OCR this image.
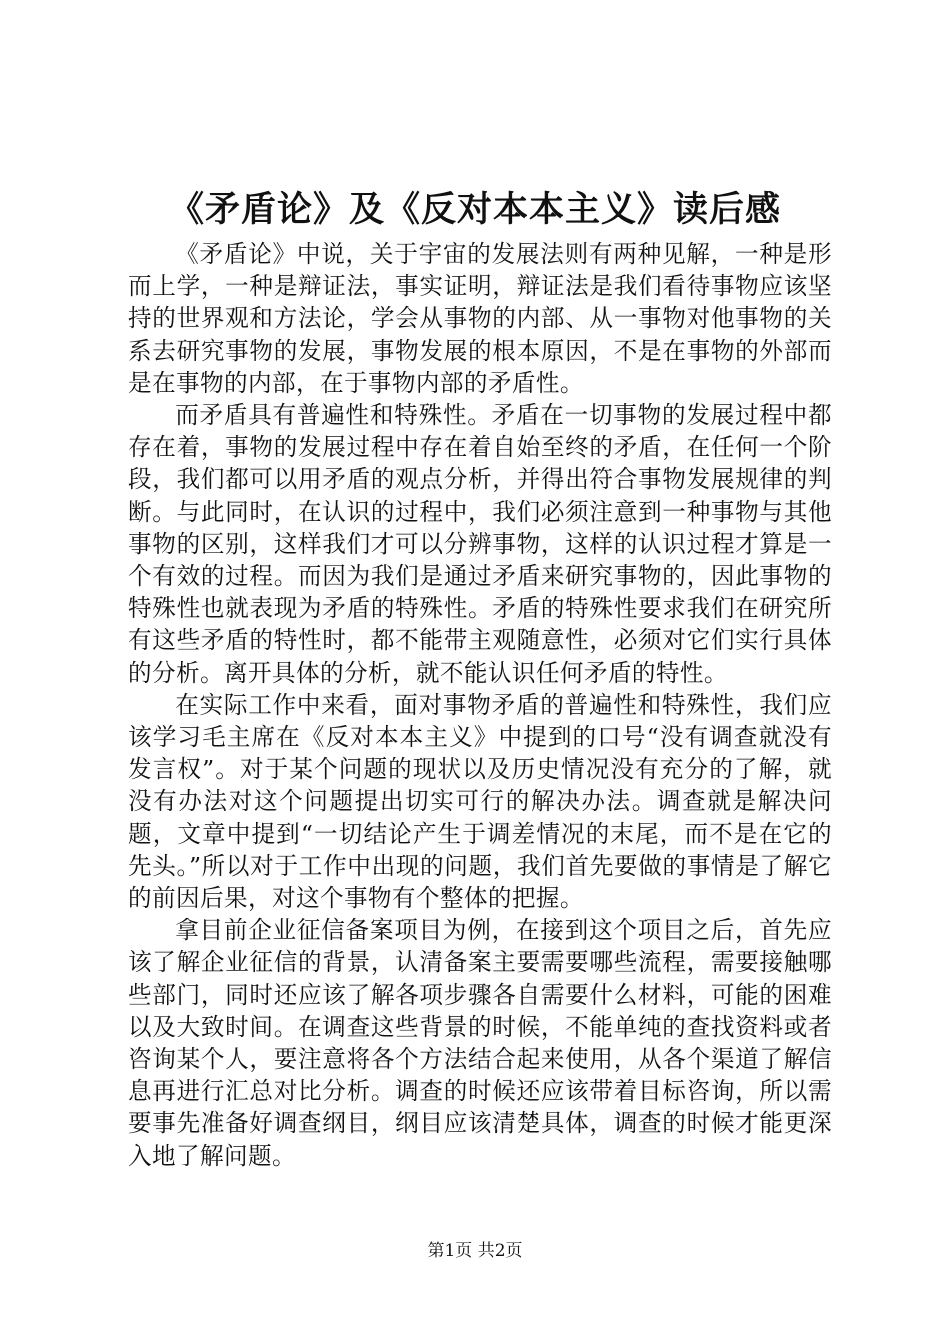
《矛盾论》及《反对本本主义》读后感

《矛盾论》中说，关于宇宙的发展法则有两种见解，一种是形而上学，一种是辩证法，事实证明，辩证法是我们看待事物应该坚持的世界观和方法论，学会从事物的内部、从一事物对他事物的关系去研究事物的发展，事物发展的根本原因，不是在事物的外部而是在事物的内部，在于事物内部的矛盾性。

而矛盾具有普遍性和特殊性。矛盾在一切事物的发展过程中都存在着，事物的发展过程中存在着自始至终的矛盾，在任何一个阶段，我们都可以用矛盾的观点分析，并得出符合事物发展规律的判断。与此同时，在认识的过程中，我们必须注意到一种事物与其他事物的区别，这样我们才可以分辨事物，这样的认识过程才算是一个有效的过程。而因为我们是通过矛盾来研究事物的，因此事物的特殊性也就表现为矛盾的特殊性。矛盾的特殊性要求我们在研究所有这些矛盾的特性时，都不能带主观随意性，必须对它们实行具体的分析。离开具体的分析，就不能认识任何矛盾的特性。

在实际工作中来看，面对事物矛盾的普遍性和特殊性，我们应该学习毛主席在《反对本本主义》中提到的口号“没有调查就没有发言权”。对于某个问题的现状以及历史情况没有充分的了解，就没有办法对这个问题提出切实可行的解决办法。调查就是解决问题，文章中提到“一切结论产生于调差情况的末尾，而不是在它的先头。”所以对于工作中出现的问题，我们首先要做的事情是了解它的前因后果，对这个事物有个整体的把握。

拿目前企业征信备案项目为例，在接到这个项目之后，首先应该了解企业征信的背景，认清备案主要需要哪些流程，需要接触哪些部门，同时还应该了解各项步骤各自需要什么材料，可能的困难以及大致时间。在调查这些背景的时候，不能单纯的查找资料或者咨询某个人，要注意将各个方法结合起来使用，从各个渠道了解信息再进行汇总对比分析。调查的时候还应该带着目标咨询，所以需要事先准备好调查纲目，纲目应该清楚具体，调查的时候才能更深入地了解问题。

第1页 共2页
